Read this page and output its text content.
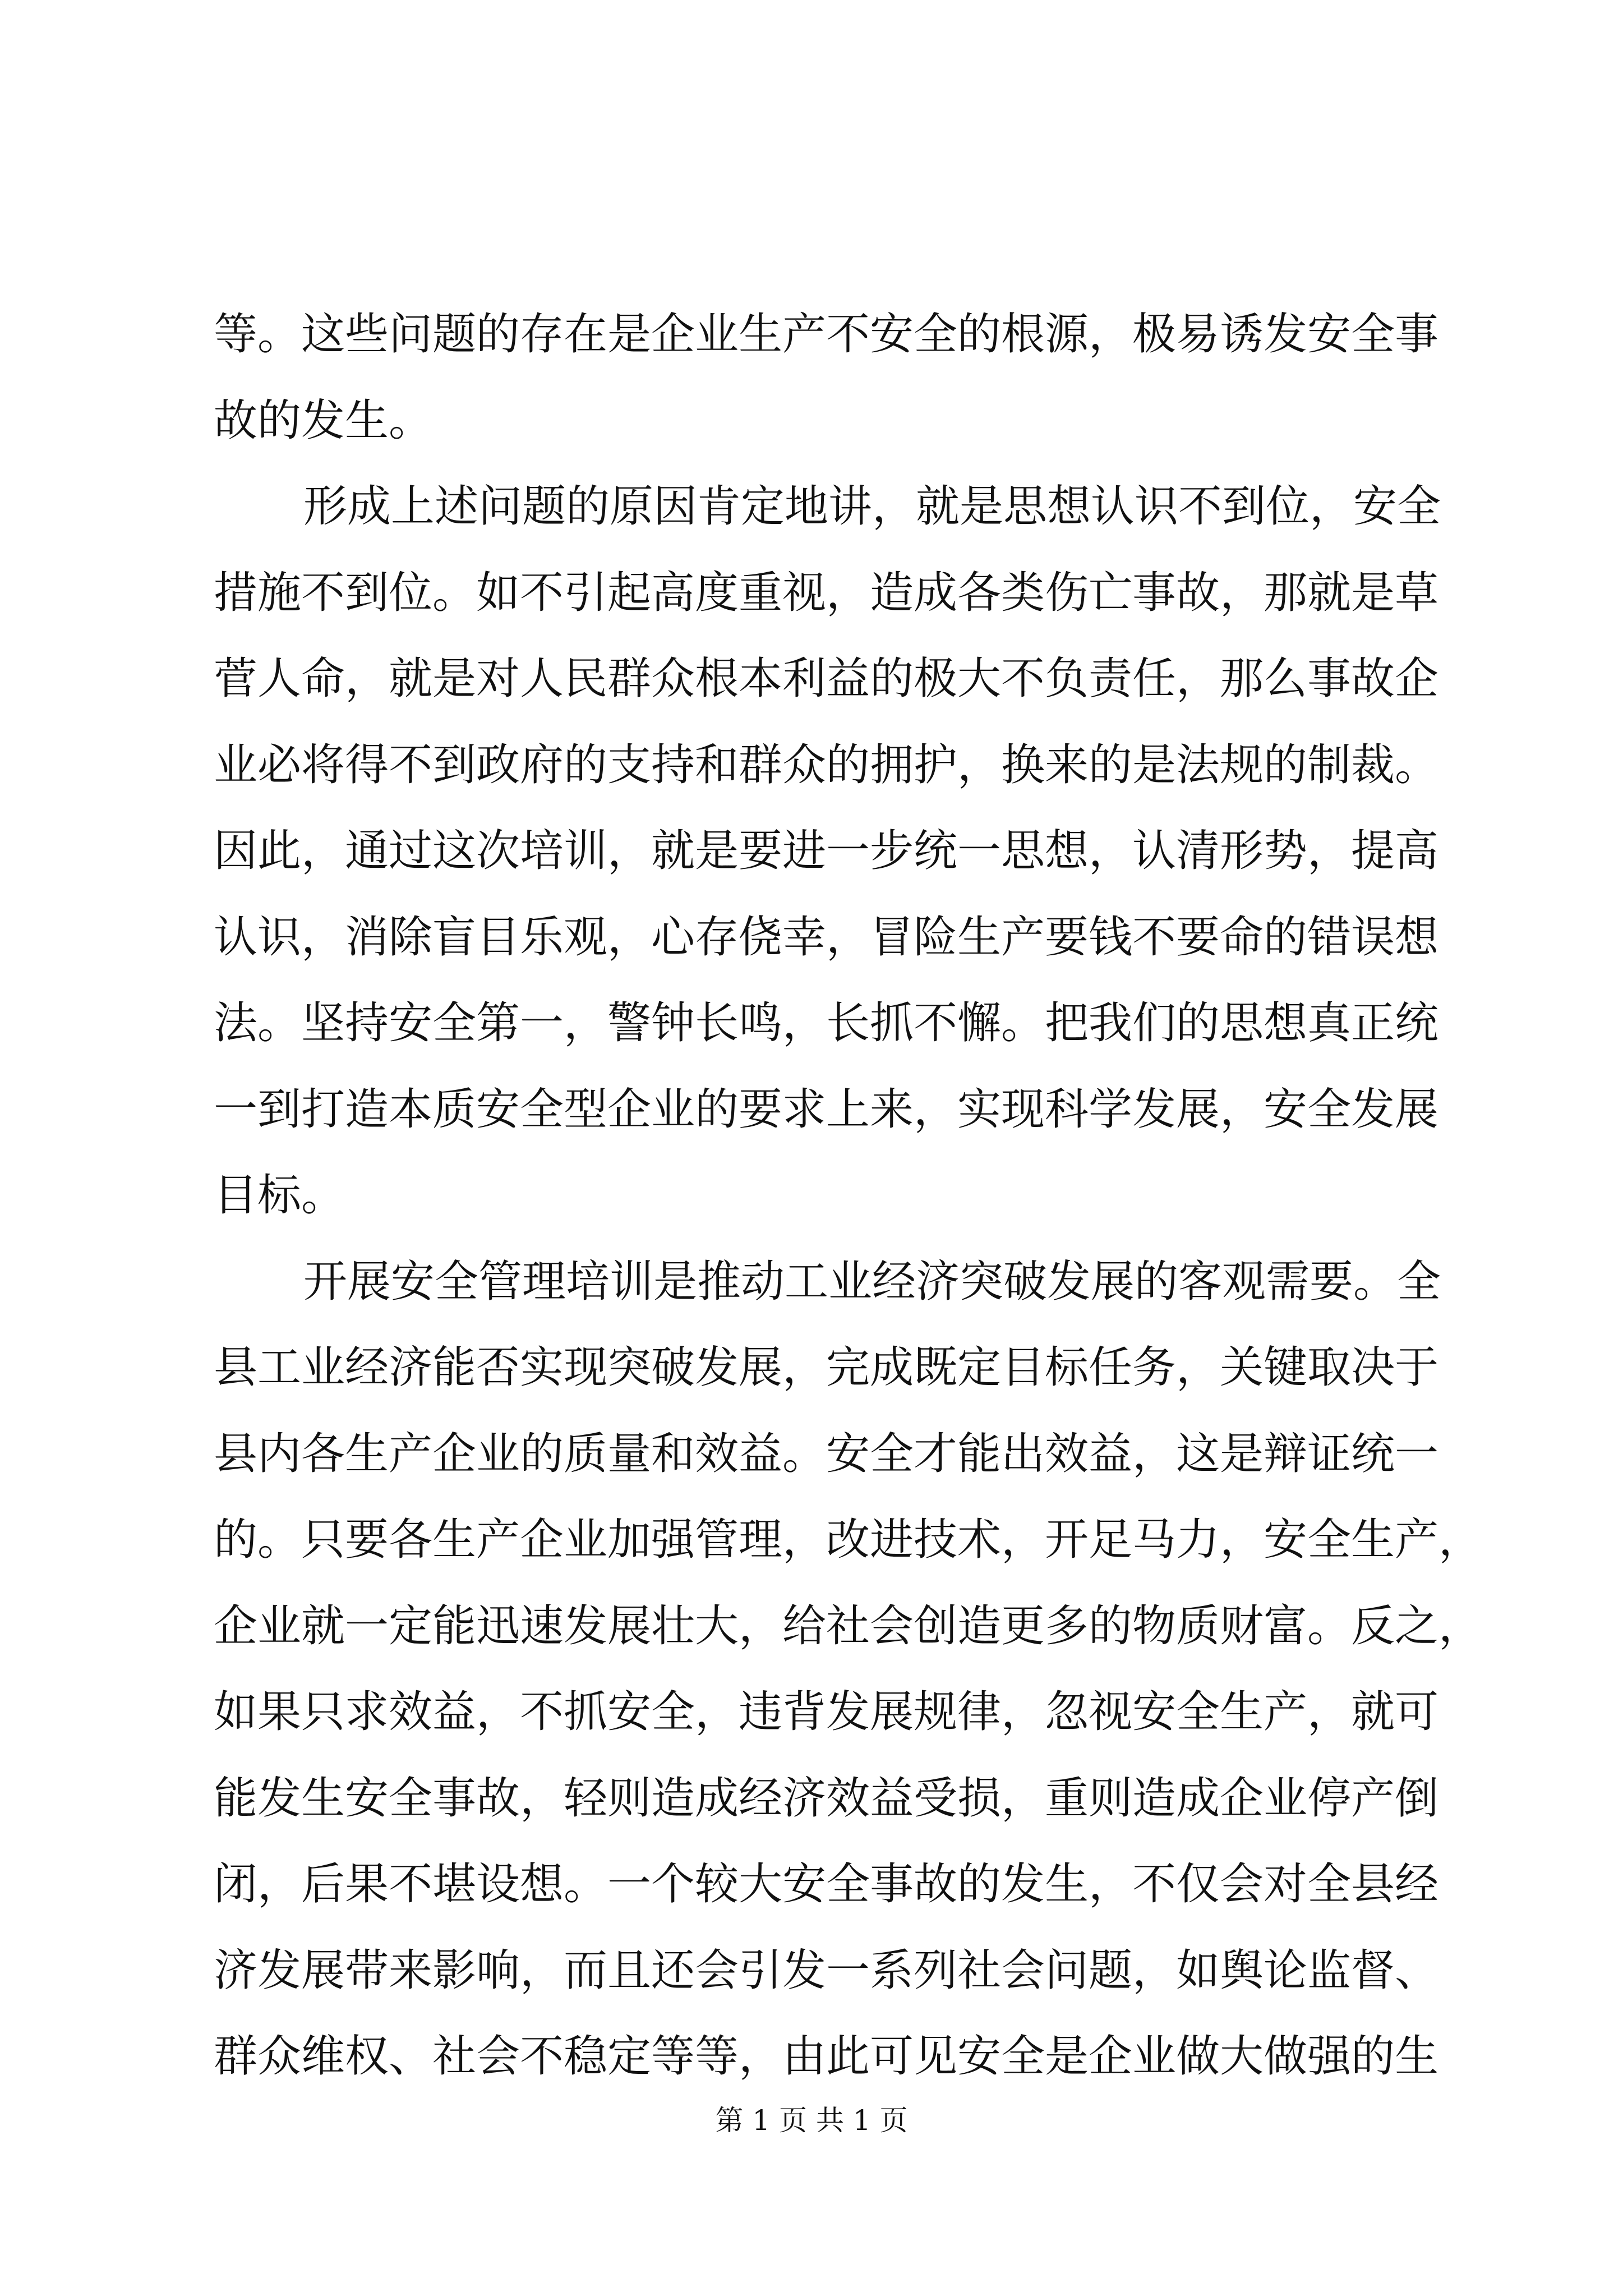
等。这些问题的存在是企业生产不安全的根源，极易诱发安全事
故的发生。
形成上述问题的原因肯定地讲，就是思想认识不到位，安全
措施不到位。如不引起高度重视，造成各类伤亡事故，那就是草
菅人命，就是对人民群众根本利益的极大不负责任，那么事故企
业必将得不到政府的支持和群众的拥护，换来的是法规的制裁。
因此，通过这次培训，就是要进一步统一思想，认清形势，提高
认识，消除盲目乐观，心存侥幸，冒险生产要钱不要命的错误想
法。坚持安全第一，警钟长鸣，长抓不懈。把我们的思想真正统
一到打造本质安全型企业的要求上来，实现科学发展，安全发展
目标。
开展安全管理培训是推动工业经济突破发展的客观需要。全
县工业经济能否实现突破发展，完成既定目标任务，关键取决于
县内各生产企业的质量和效益。安全才能出效益，这是辩证统一
的。只要各生产企业加强管理，改进技术，开足马力，安全生产，
企业就一定能迅速发展壮大，给社会创造更多的物质财富。反之，
如果只求效益，不抓安全，违背发展规律，忽视安全生产，就可
能发生安全事故，轻则造成经济效益受损，重则造成企业停产倒
闭，后果不堪设想。一个较大安全事故的发生，不仅会对全县经
济发展带来影响，而且还会引发一系列社会问题，如舆论监督、
群众维权、社会不稳定等等，由此可见安全是企业做大做强的生
第 1 页 共 1 页
